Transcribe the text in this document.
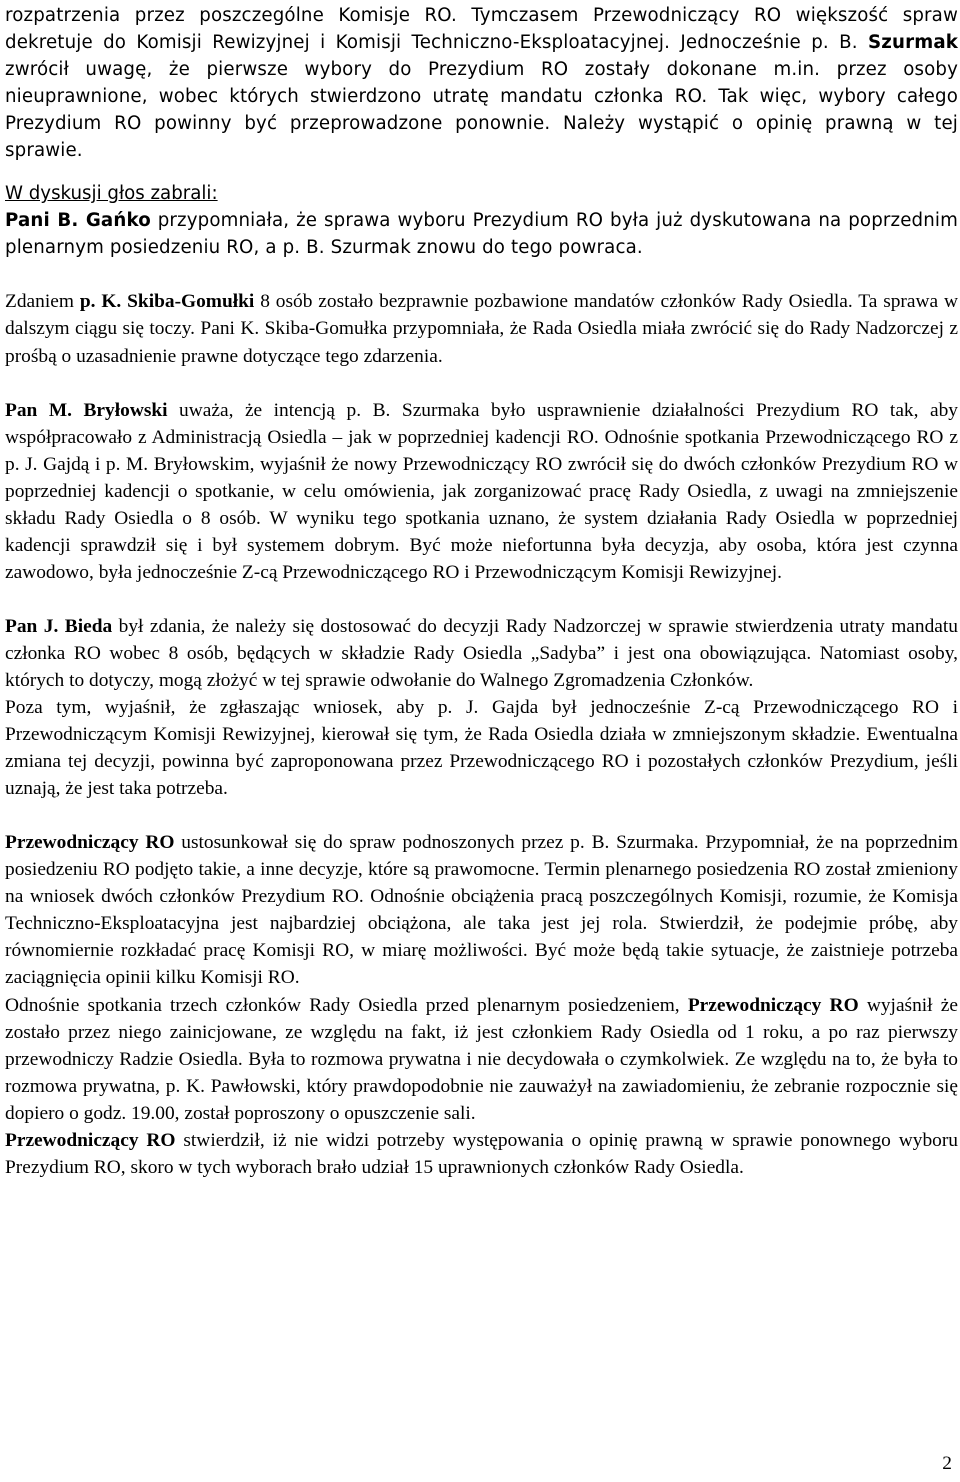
rozpatrzenia przez poszczególne Komisje RO. Tymczasem Przewodniczący RO większość spraw dekretuje do Komisji Rewizyjnej i Komisji Techniczno-Eksploatacyjnej. Jednocześnie p. B. Szurmak zwrócił uwagę, że pierwsze wybory do Prezydium RO zostały dokonane m.in. przez osoby nieuprawnione, wobec których stwierdzono utratę mandatu członka RO. Tak więc, wybory całego Prezydium RO powinny być przeprowadzone ponownie. Należy wystąpić o opinię prawną w tej sprawie.

W dyskusji głos zabrali:

Pani B. Gańko przypomniała, że sprawa wyboru Prezydium RO była już dyskutowana na poprzednim plenarnym posiedzeniu RO, a p. B. Szurmak znowu do tego powraca.

Zdaniem p. K. Skiba-Gomułki 8 osób zostało bezprawnie pozbawione mandatów członków Rady Osiedla. Ta sprawa w dalszym ciągu się toczy. Pani K. Skiba-Gomułka przypomniała, że Rada Osiedla miała zwrócić się do Rady Nadzorczej z prośbą o uzasadnienie prawne dotyczące tego zdarzenia.

Pan M. Bryłowski uważa, że intencją p. B. Szurmaka było usprawnienie działalności Prezydium RO tak, aby współpracowało z Administracją Osiedla – jak w poprzedniej kadencji RO. Odnośnie spotkania Przewodniczącego RO z p. J. Gajdą i p. M. Bryłowskim, wyjaśnił że nowy Przewodniczący RO zwrócił się do dwóch członków Prezydium RO w poprzedniej kadencji o spotkanie, w celu omówienia, jak zorganizować pracę Rady Osiedla, z uwagi na zmniejszenie składu Rady Osiedla o 8 osób. W wyniku tego spotkania uznano, że system działania Rady Osiedla w poprzedniej kadencji sprawdził się i był systemem dobrym. Być może niefortunna była decyzja, aby osoba, która jest czynna zawodowo, była jednocześnie Z-cą Przewodniczącego RO i Przewodniczącym Komisji Rewizyjnej.

Pan J. Bieda był zdania, że należy się dostosować do decyzji Rady Nadzorczej w sprawie stwierdzenia utraty mandatu członka RO wobec 8 osób, będących w składzie Rady Osiedla „Sadyba” i jest ona obowiązująca. Natomiast osoby, których to dotyczy, mogą złożyć w tej sprawie odwołanie do Walnego Zgromadzenia Członków.

Poza tym, wyjaśnił, że zgłaszając wniosek, aby p. J. Gajda był jednocześnie Z-cą Przewodniczącego RO i Przewodniczącym Komisji Rewizyjnej, kierował się tym, że Rada Osiedla działa w zmniejszonym składzie. Ewentualna zmiana tej decyzji, powinna być zaproponowana przez Przewodniczącego RO i pozostałych członków Prezydium, jeśli uznają, że jest taka potrzeba.

Przewodniczący RO ustosunkował się do spraw podnoszonych przez p. B. Szurmaka. Przypomniał, że na poprzednim posiedzeniu RO podjęto takie, a inne decyzje, które są prawomocne. Termin plenarnego posiedzenia RO został zmieniony na wniosek dwóch członków Prezydium RO. Odnośnie obciążenia pracą poszczególnych Komisji, rozumie, że Komisja Techniczno-Eksploatacyjna jest najbardziej obciążona, ale taka jest jej rola. Stwierdził, że podejmie próbę, aby równomiernie rozkładać pracę Komisji RO, w miarę możliwości. Być może będą takie sytuacje, że zaistnieje potrzeba zaciągnięcia opinii kilku Komisji RO.

Odnośnie spotkania trzech członków Rady Osiedla przed plenarnym posiedzeniem, Przewodniczący RO wyjaśnił że zostało przez niego zainicjowane, ze względu na fakt, iż jest członkiem Rady Osiedla od 1 roku, a po raz pierwszy przewodniczy Radzie Osiedla. Była to rozmowa prywatna i nie decydowała o czymkolwiek. Ze względu na to, że była to rozmowa prywatna, p. K. Pawłowski, który prawdopodobnie nie zauważył na zawiadomieniu, że zebranie rozpocznie się dopiero o godz. 19.00, został poproszony o opuszczenie sali.

Przewodniczący RO stwierdził, iż nie widzi potrzeby występowania o opinię prawną w sprawie ponownego wyboru Prezydium RO, skoro w tych wyborach brało udział 15 uprawnionych członków Rady Osiedla.

2
